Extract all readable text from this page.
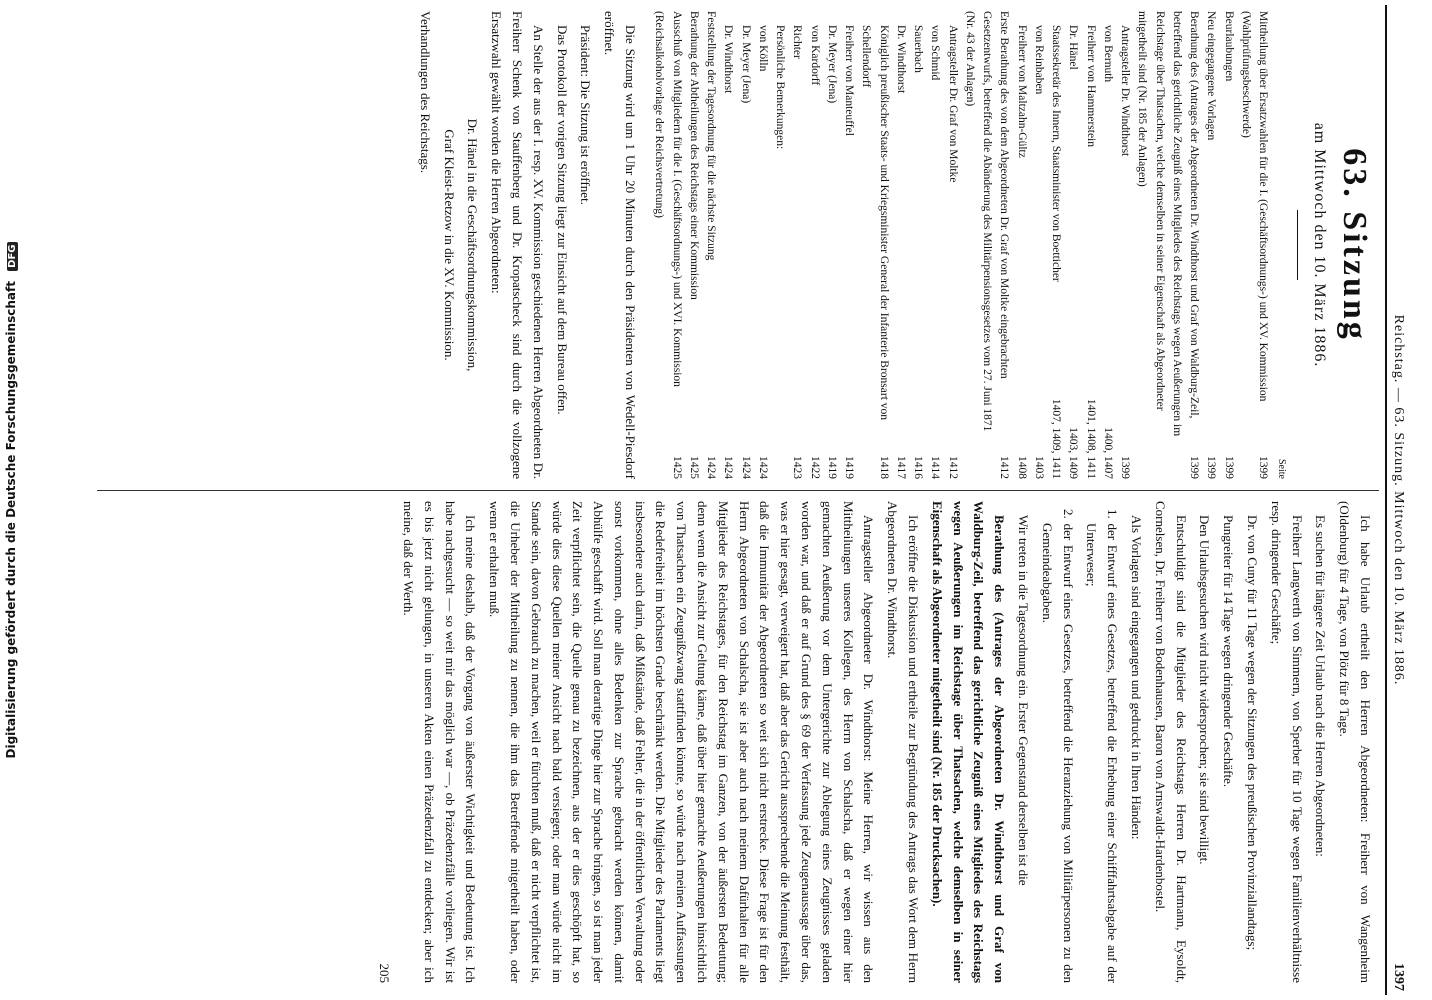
Digitalisierung gefördert durch die Deutsche Forschungsgemeinschaft DFG
Reichstag. — 63. Sitzung. Mittwoch den 10. März 1886.
1397
63. Sitzung
am Mittwoch den 10. März 1886.
Seite
Mittheilung über Ersatzwahlen für die I. (Geschäftsordnungs-) und XV. Kommission (Wahlprüfungsbeschwerde)
1399
Beurlaubungen
1399
Neu eingegangene Vorlagen
1399
Berathung des (Antrages der Abgeordneten Dr. Windthorst und Graf von Waldburg-Zeil, betreffend das gerichtliche Zeugniß eines Mitgliedes des Reichstags wegen Aeußerungen im Reichstage über Thatsachen, welche demselben in seiner Eigenschaft als Abgeordneter mitgetheilt sind (Nr. 185 der Anlagen)
1399
Antragsteller Dr. Windthorst
1399
von Bernuth
1400, 1407
Freiherr von Hammerstein
1401, 1408, 1411
Dr. Hänel
1403, 1409
Staatssekretär des Innern, Staatsminister von Boetticher
1407, 1409, 1411
von Reinbaben
1403
Freiherr von Maltzahn-Gültz
1408
Erste Berathung des von dem Abgeordneten Dr. Graf von Moltke eingebrachten Gesetzentwurfs, betreffend die Abänderung des Militärpensionsgesetzes vom 27. Juni 1871 (Nr. 43 der Anlagen)
1412
Antragsteller Dr. Graf von Moltke
1412
von Schmid
1414
Sauerbach
1416
Dr. Windthorst
1417
Königlich preußischer Staats- und Kriegsminister General der Infanterie Bronsart von Schellendorff
1418
Freiherr von Manteuffel
1419
Dr. Meyer (Jena)
1419
von Kardorff
1422
Richter
1423
Persönliche Bemerkungen:
von Kölln
1424
Dr. Meyer (Jena)
1424
Dr. Windthorst
1424
Feststellung der Tagesordnung für die nächste Sitzung
1424
Berathung der Abtheilungen des Reichstags einer Kommission
1425
Ausschuß von Mitgliedern für die I. (Geschäftsordnungs-) und XVI. Kommission (Reichsalkoholvorlage der Reichsvertretung)
1425

Die Sitzung wird um 1 Uhr 20 Minuten durch den Präsidenten von Wedell-Piesdorf eröffnet.

Präsident: Die Sitzung ist eröffnet.

Das Protokoll der vorigen Sitzung liegt zur Einsicht auf dem Bureau offen.

An Stelle der aus der I. resp. XV. Kommission geschiedenen Herren Abgeordneten Dr. Freiherr Schenk von Stauffenberg und Dr. Kropatscheck sind durch die vollzogene Ersatzwahl gewählt worden die Herren Abgeordneten:

Dr. Hänel in die Geschäftsordnungskommission,

Graf Kleist-Retzow in die XV. Kommission.

Verhandlungen des Reichstags.

Ich habe Urlaub ertheilt den Herren Abgeordneten: Freiherr von Wangenheim (Oldenburg) für 4 Tage, von Plötz für 8 Tage.

Es suchen für längere Zeit Urlaub nach die Herren Abgeordneten:

Freiherr Langwerth von Simmern, von Sperber für 10 Tage wegen Familienverhältnisse resp. dringender Geschäfte;

Dr. von Cuny für 11 Tage wegen der Sitzungen des preußischen Provinziallandtags;

Pungreiter für 14 Tage wegen dringender Geschäfte.

Den Urlaubsgesuchen wird nicht widersprochen; sie sind bewilligt.

Entschuldigt sind die Mitglieder des Reichstags Herren Dr. Hartmann, Eysoldt, Cornelsen, Dr. Freiherr von Bodenhausen, Baron von Arnswaldt-Hardenbostel.

Als Vorlagen sind eingegangen und gedruckt in Ihren Händen:

1. der Entwurf eines Gesetzes, betreffend die Erhebung einer Schifffahrtsabgabe auf der Unterweser;

2. der Entwurf eines Gesetzes, betreffend die Heranziehung von Militärpersonen zu den Gemeindeabgaben.

Wir treten in die Tagesordnung ein. Erster Gegenstand derselben ist die

Berathung des (Antrages der Abgeordneten Dr. Windthorst und Graf von Waldburg-Zeil, betreffend das gerichtliche Zeugniß eines Mitgliedes des Reichstags wegen Aeußerungen im Reichstage über Thatsachen, welche demselben in seiner Eigenschaft als Abgeordneter mitgetheilt sind (Nr. 185 der Drucksachen).

Ich eröffne die Diskussion und ertheile zur Begründung des Antrags das Wort dem Herrn Abgeordneten Dr. Windthorst.

Antragsteller Abgeordneter Dr. Windthorst: Meine Herren, wir wissen aus den Mittheilungen unseres Kollegen, des Herrn von Schalscha, daß er wegen einer hier gemachten Aeußerung vor dem Untergerichte zur Ablegung eines Zeugnisses geladen worden war, und daß er auf Grund des § 69 der Verfassung jede Zeugenaussage über das, was er hier gesagt, verweigert hat, daß aber das Gericht aussprechende die Meinung festhält, daß die Immunität der Abgeordneten so weit sich nicht erstrecke. Diese Frage ist für den Herrn Abgeordneten von Schalscha, sie ist aber auch nach meinem Dafürhalten für alle Mitglieder des Reichstages, für den Reichstag im Ganzen, von der äußersten Bedeutung; denn wenn die Ansicht zur Geltung käme, daß über hier gemachte Aeußerungen hinsichtlich von Thatsachen ein Zeugnißzwang stattfinden könnte, so würde nach meinen Auffassungen die Redefreiheit im höchsten Grade beschränkt werden. Die Mitglieder des Parlaments liegt insbesondere auch darin, daß Mißstände, daß Fehler, die in der öffentlichen Verwaltung oder sonst vorkommen, ohne alles Bedenken zur Sprache gebracht werden können, damit Abhülfe geschafft wird. Soll man derartige Dinge hier zur Sprache bringen, so ist man jeder Zeit verpflichtet sein, die Quelle genau zu bezeichnen, aus der er dies geschöpft hat, so würde dies diese Quellen meiner Ansicht nach bald versiegen; oder man würde nicht im Stande sein, davon Gebrauch zu machen, weil er fürchten muß, daß er nicht verpflichtet ist, die Urheber der Mittheilung zu nennen, die ihm das Betreffende mitgetheilt haben, oder wenn er erhalten muß.

Ich meine deshalb, daß der Vorgang von äußerster Wichtigkeit und Bedeutung ist. Ich habe nachgesucht — so weit mir das möglich war —, ob Präzedenzfälle vorliegen. Wir ist es bis jetzt nicht gelungen, in unseren Akten einen Präzedenzfall zu entdecken; aber ich meine, daß der Werth.

205
